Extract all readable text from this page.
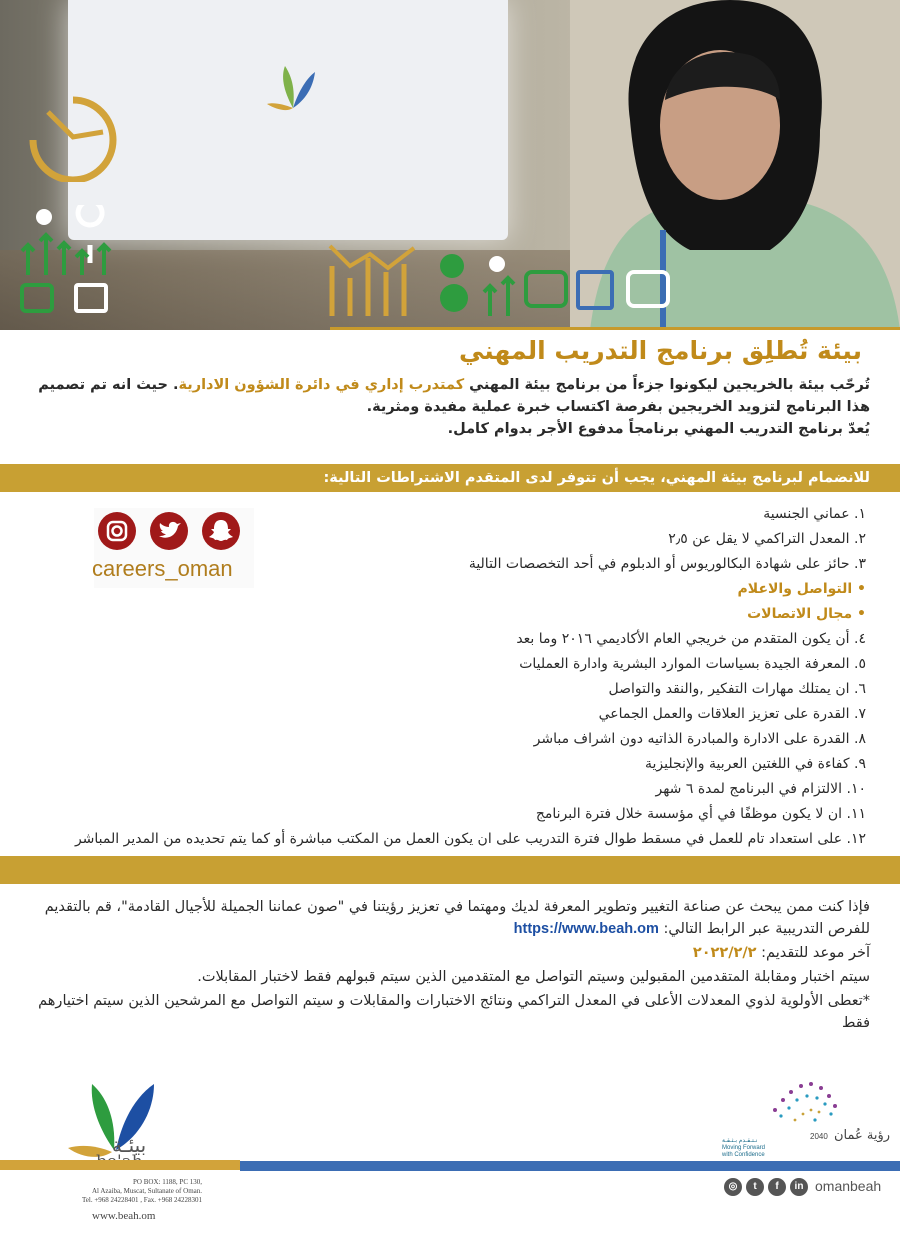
بيئة تُطلِق برنامج التدريب المهني
تُرحّب بيئة بالخريجين ليكونوا جزءاً من برنامج بيئة المهني كمتدرب إداري في دائرة الشؤون الادارية. حيث انه تم تصميم هذا البرنامج لتزويد الخريجين بفرصة اكتساب خبرة عملية مفيدة ومثرية.
يُعدّ برنامج التدريب المهني برنامجاً مدفوع الأجر بدوام كامل.
للانضمام لبرنامج بيئة المهني، يجب أن تتوفر لدى المتقدم الاشتراطات التالية:
١. عماني الجنسية
٢. المعدل التراكمي لا يقل عن ٢٫٥
٣. حائز على شهادة البكالوريوس أو الدبلوم في أحد التخصصات التالية
• التواصل والاعلام
• مجال الاتصالات
٤. أن يكون المتقدم من خريجي العام الأكاديمي ٢٠١٦ وما بعد
٥. المعرفة الجيدة بسياسات الموارد البشرية وادارة العمليات
٦. ان يمتلك مهارات التفكير ,والنقد والتواصل
٧. القدرة على تعزيز العلاقات والعمل الجماعي
٨. القدرة على الادارة والمبادرة الذاتيه دون اشراف مباشر
٩. كفاءة في اللغتين العربية والإنجليزية
١٠. الالتزام في البرنامج لمدة ٦ شهر
١١. ان لا يكون موظفًا في أي مؤسسة خلال فترة البرنامج
١٢. على استعداد تام للعمل في مسقط طوال فترة التدريب على ان يكون العمل من المكتب مباشرة أو كما يتم تحديده من المدير المباشر
careers_oman
فإذا كنت ممن يبحث عن صناعة التغيير وتطوير المعرفة لديك ومهتما في تعزيز رؤيتنا في "صون عماننا الجميلة للأجيال القادمة"، قم بالتقديم للفرص التدريبية عبر الرابط التالي: https://www.beah.om
آخر موعد للتقديم: ٢٠٢٢/٢/٢
سيتم اختبار ومقابلة المتقدمين المقبولين وسيتم التواصل مع المتقدمين الذين سيتم قبولهم فقط لاختبار المقابلات.
*تعطى الأولوية لذوي المعدلات الأعلى في المعدل التراكمي ونتائج الاختبارات والمقابلات و سيتم التواصل مع المرشحين الذين سيتم اختيارهم فقط
بيئـة
PO BOX: 1188, PC 130,
Al Azaiba, Muscat, Sultanate of Oman.
Tel. +968 24228401 , Fax. +968 24228301
www.beah.om
رؤية عُمان 2040
نـتـقـدم بـثـقـة
Moving Forward
with Confidence
◎	t	f	in omanbeah
